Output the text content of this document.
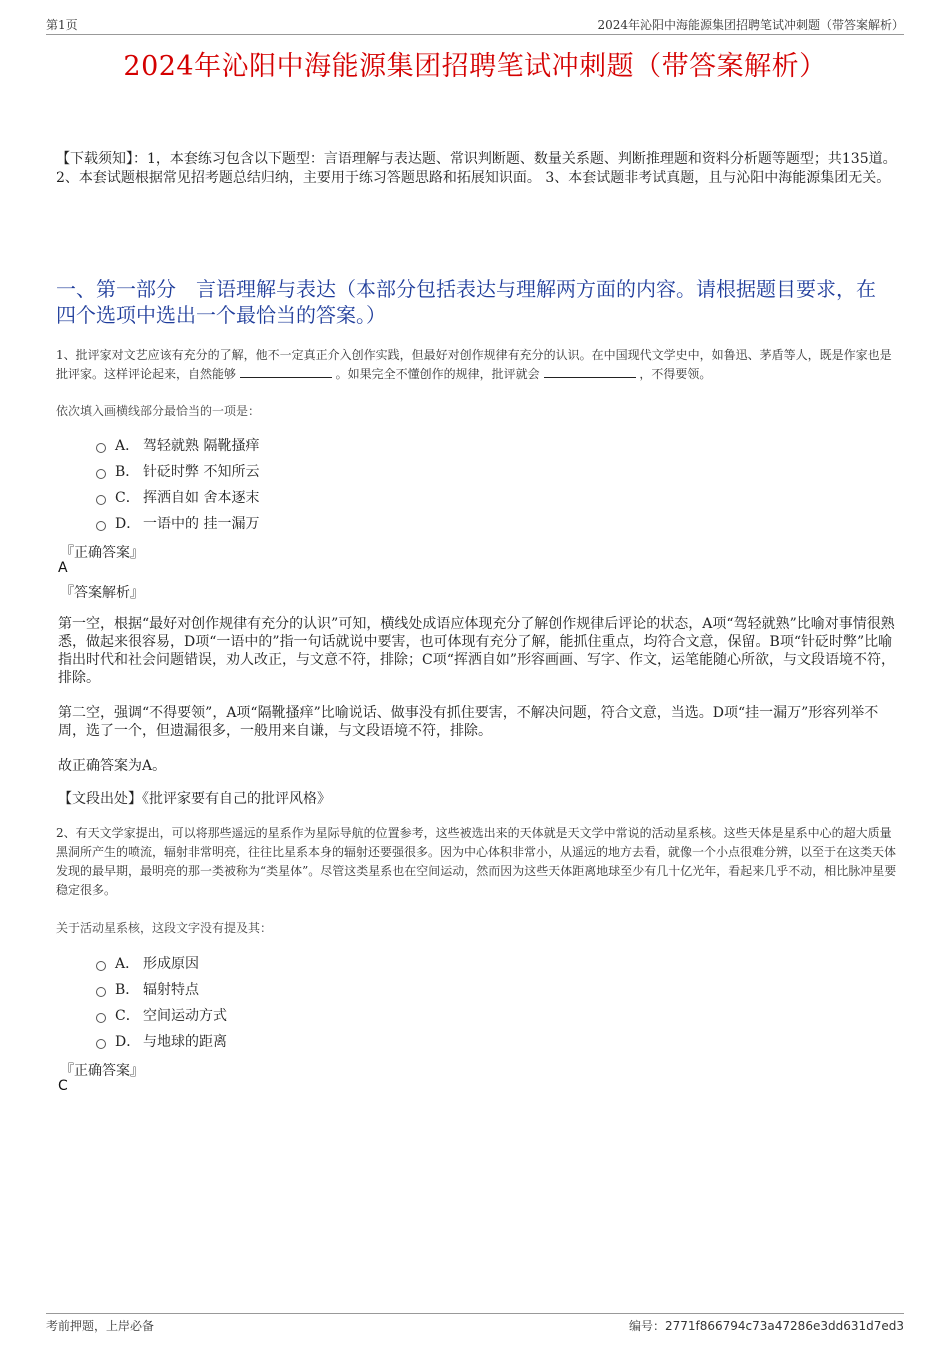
第1页	2024年沁阳中海能源集团招聘笔试冲刺题（带答案解析）
2024年沁阳中海能源集团招聘笔试冲刺题（带答案解析）
【下载须知】：1，本套练习包含以下题型：言语理解与表达题、常识判断题、数量关系题、判断推理题和资料分析题等题型；共135道。 2、本套试题根据常见招考题总结归纳，主要用于练习答题思路和拓展知识面。 3、本套试题非考试真题，且与沁阳中海能源集团无关。
一、第一部分　言语理解与表达（本部分包括表达与理解两方面的内容。请根据题目要求，在四个选项中选出一个最恰当的答案。）
1、批评家对文艺应该有充分的了解，他不一定真正介入创作实践，但最好对创作规律有充分的认识。在中国现代文学史中，如鲁迅、茅盾等人，既是作家也是批评家。这样评论起来，自然能够	。如果完全不懂创作的规律，批评就会	，不得要领。
依次填入画横线部分最恰当的一项是：
A． 驾轻就熟 隔靴搔痒
B． 针砭时弊 不知所云
C． 挥洒自如 舍本逐末
D． 一语中的 挂一漏万
『正确答案』
A
『答案解析』
第一空，根据“最好对创作规律有充分的认识”可知，横线处成语应体现充分了解创作规律后评论的状态，A项“驾轻就熟”比喻对事情很熟悉，做起来很容易，D项“一语中的”指一句话就说中要害，也可体现有充分了解，能抓住重点，均符合文意，保留。B项“针砭时弊”比喻指出时代和社会问题错误，劝人改正，与文意不符，排除；C项“挥洒自如”形容画画、写字、作文，运笔能随心所欲，与文段语境不符，排除。
第二空，强调“不得要领”，A项“隔靴搔痒”比喻说话、做事没有抓住要害，不解决问题，符合文意，当选。D项“挂一漏万”形容列举不周，选了一个，但遗漏很多，一般用来自谦，与文段语境不符，排除。
故正确答案为A。
【文段出处】《批评家要有自己的批评风格》
2、有天文学家提出，可以将那些遥远的星系作为星际导航的位置参考，这些被选出来的天体就是天文学中常说的活动星系核。这些天体是星系中心的超大质量黑洞所产生的喷流，辐射非常明亮，往往比星系本身的辐射还要强很多。因为中心体积非常小，从遥远的地方去看，就像一个小点很难分辨，以至于在这类天体发现的最早期，最明亮的那一类被称为“类星体”。尽管这类星系也在空间运动，然而因为这些天体距离地球至少有几十亿光年，看起来几乎不动，相比脉冲星要稳定很多。
关于活动星系核，这段文字没有提及其：
A． 形成原因
B． 辐射特点
C． 空间运动方式
D． 与地球的距离
『正确答案』
C
考前押题，上岸必备	编号：2771f866794c73a47286e3dd631d7ed3
